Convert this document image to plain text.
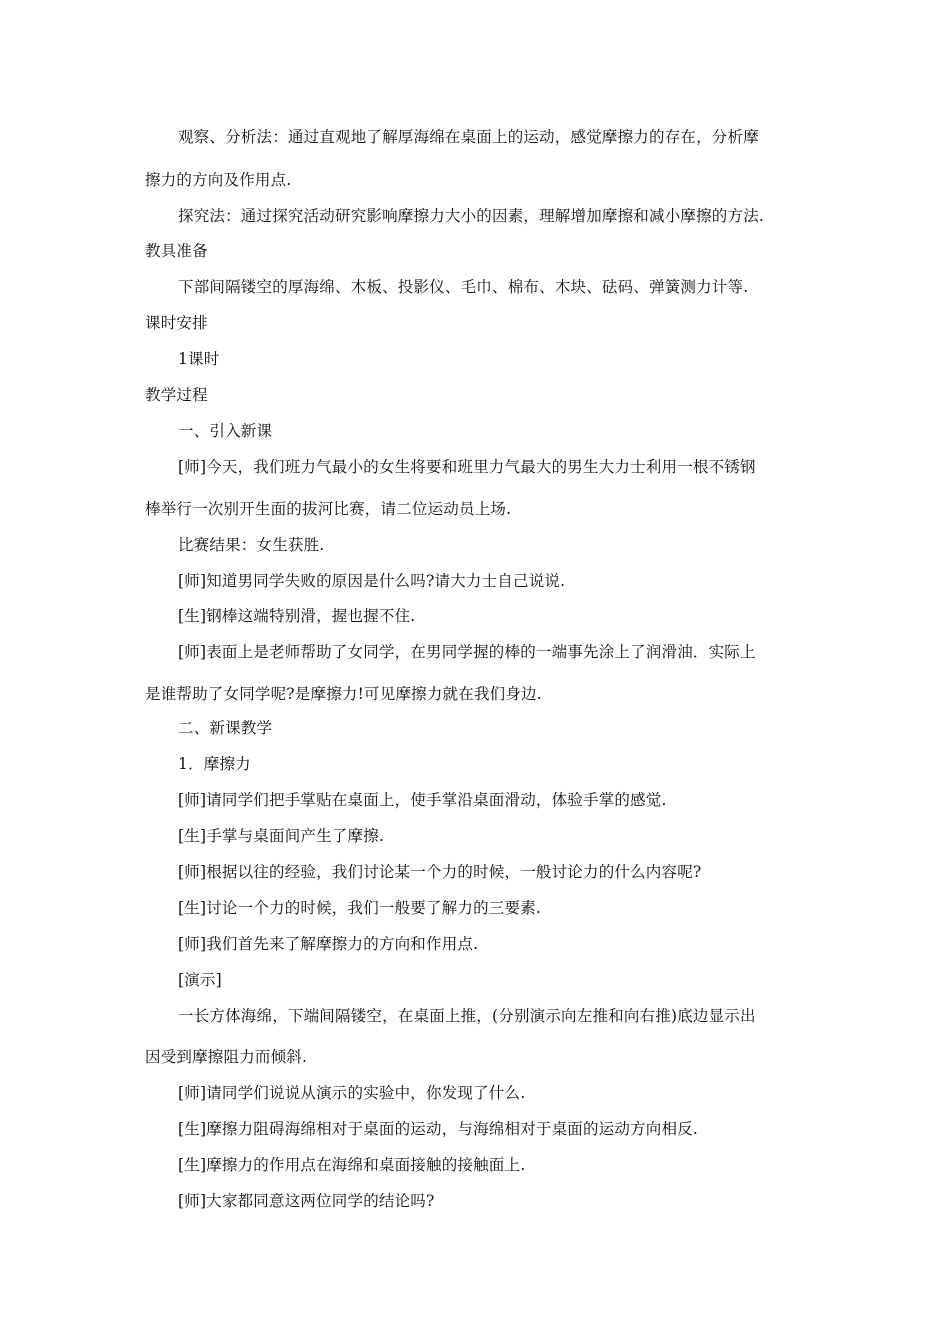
观察、分析法：通过直观地了解厚海绵在桌面上的运动，感觉摩擦力的存在，分析摩
擦力的方向及作用点.
探究法：通过探究活动研究影响摩擦力大小的因素，理解增加摩擦和减小摩擦的方法.
教具准备
下部间隔镂空的厚海绵、木板、投影仪、毛巾、棉布、木块、砝码、弹簧测力计等.
课时安排
1课时
教学过程
一、引入新课
[师]今天，我们班力气最小的女生将要和班里力气最大的男生大力士利用一根不锈钢
棒举行一次别开生面的拔河比赛，请二位运动员上场.
比赛结果：女生获胜.
[师]知道男同学失败的原因是什么吗?请大力士自己说说.
[生]钢棒这端特别滑，握也握不住.
[师]表面上是老师帮助了女同学，在男同学握的棒的一端事先涂上了润滑油．实际上
是谁帮助了女同学呢?是摩擦力!可见摩擦力就在我们身边.
二、新课教学
1．摩擦力
[师]请同学们把手掌贴在桌面上，使手掌沿桌面滑动，体验手掌的感觉.
[生]手掌与桌面间产生了摩擦.
[师]根据以往的经验，我们讨论某一个力的时候，一般讨论力的什么内容呢?
[生]讨论一个力的时候，我们一般要了解力的三要素.
[师]我们首先来了解摩擦力的方向和作用点.
[演示]
一长方体海绵，下端间隔镂空，在桌面上推，(分别演示向左推和向右推)底边显示出
因受到摩擦阻力而倾斜.
[师]请同学们说说从演示的实验中，你发现了什么.
[生]摩擦力阻碍海绵相对于桌面的运动，与海绵相对于桌面的运动方向相反.
[生]摩擦力的作用点在海绵和桌面接触的接触面上.
[师]大家都同意这两位同学的结论吗?
